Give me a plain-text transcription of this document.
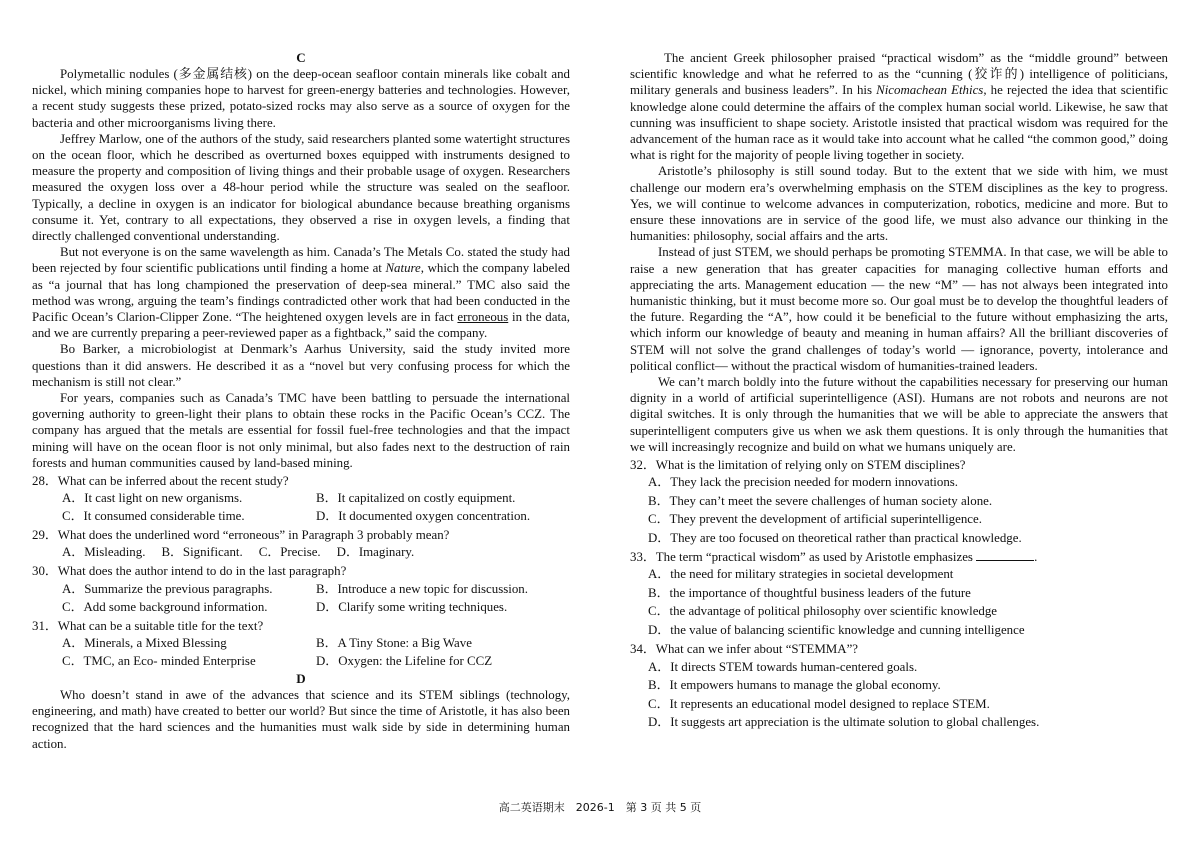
C

Polymetallic nodules (多金属结核) on the deep-ocean seafloor contain minerals like cobalt and nickel, which mining companies hope to harvest for green-energy batteries and technologies. However, a recent study suggests these prized, potato-sized rocks may also serve as a source of oxygen for the bacteria and other microorganisms living there.

Jeffrey Marlow, one of the authors of the study, said researchers planted some watertight structures on the ocean floor, which he described as overturned boxes equipped with instruments designed to measure the property and composition of living things and their probable usage of oxygen. Researchers measured the oxygen loss over a 48-hour period while the structure was sealed on the seafloor. Typically, a decline in oxygen is an indicator for biological abundance because breathing organisms consume it. Yet, contrary to all expectations, they observed a rise in oxygen levels, a finding that directly challenged conventional understanding.

But not everyone is on the same wavelength as him. Canada’s The Metals Co. stated the study had been rejected by four scientific publications until finding a home at Nature, which the company labeled as “a journal that has long championed the preservation of deep-sea mineral.” TMC also said the method was wrong, arguing the team’s findings contradicted other work that had been conducted in the Pacific Ocean’s Clarion-Clipper Zone. “The heightened oxygen levels are in fact erroneous in the data, and we are currently preparing a peer-reviewed paper as a fightback,” said the company.

Bo Barker, a microbiologist at Denmark’s Aarhus University, said the study invited more questions than it did answers. He described it as a “novel but very confusing process for which the mechanism is still not clear.”

For years, companies such as Canada’s TMC have been battling to persuade the international governing authority to green-light their plans to obtain these rocks in the Pacific Ocean’s CCZ. The company has argued that the metals are essential for fossil fuel-free technologies and that the impact mining will have on the ocean floor is not only minimal, but also fades next to the destruction of rain forests and human communities caused by land-based mining.

28．What can be inferred about the recent study?
A．It cast light on new organisms.	B．It capitalized on costly equipment.
C．It consumed considerable time.	D．It documented oxygen concentration.
29．What does the underlined word “erroneous” in Paragraph 3 probably mean?
A．Misleading. B．Significant. C．Precise. D．Imaginary.
30．What does the author intend to do in the last paragraph?
A．Summarize the previous paragraphs.	B．Introduce a new topic for discussion.
C．Add some background information.	D．Clarify some writing techniques.
31．What can be a suitable title for the text?
A．Minerals, a Mixed Blessing	B．A Tiny Stone: a Big Wave
C．TMC, an Eco- minded Enterprise	D．Oxygen: the Lifeline for CCZ
D

Who doesn’t stand in awe of the advances that science and its STEM siblings (technology, engineering, and math) have created to better our world? But since the time of Aristotle, it has also been recognized that the hard sciences and the humanities must walk side by side in determining human action.

The ancient Greek philosopher praised “practical wisdom” as the “middle ground” between scientific knowledge and what he referred to as the “cunning (狡诈的) intelligence of politicians, military generals and business leaders”. In his Nicomachean Ethics, he rejected the idea that scientific knowledge alone could determine the affairs of the complex human social world. Likewise, he saw that cunning was insufficient to shape society. Aristotle insisted that practical wisdom was required for the advancement of the human race as it would take into account what he called “the common good,” doing what is right for the majority of people living together in society.

Aristotle’s philosophy is still sound today. But to the extent that we side with him, we must challenge our modern era’s overwhelming emphasis on the STEM disciplines as the key to progress. Yes, we will continue to welcome advances in computerization, robotics, medicine and more. But to ensure these innovations are in service of the good life, we must also advance our thinking in the humanities: philosophy, social affairs and the arts.

Instead of just STEM, we should perhaps be promoting STEMMA. In that case, we will be able to raise a new generation that has greater capacities for managing collective human efforts and appreciating the arts. Management education — the new “M” — has not always been integrated into humanistic thinking, but it must become more so. Our goal must be to develop the thoughtful leaders of the future. Regarding the “A”, how could it be beneficial to the future without emphasizing the arts, which inform our knowledge of beauty and meaning in human affairs? All the brilliant discoveries of STEM will not solve the grand challenges of today’s world — ignorance, poverty, intolerance and political conflict— without the practical wisdom of humanities-trained leaders.

We can’t march boldly into the future without the capabilities necessary for preserving our human dignity in a world of artificial superintelligence (ASI). Humans are not robots and neurons are not digital switches. It is only through the humanities that we will be able to appreciate the answers that superintelligent computers give us when we ask them questions. It is only through the humanities that we will increasingly recognize and build on what we humans uniquely are.

32．What is the limitation of relying only on STEM disciplines?
A．They lack the precision needed for modern innovations.
B．They can’t meet the severe challenges of human society alone.
C．They prevent the development of artificial superintelligence.
D．They are too focused on theoretical rather than practical knowledge.
33．The term “practical wisdom” as used by Aristotle emphasizes	.
A．the need for military strategies in societal development
B．the importance of thoughtful business leaders of the future
C．the advantage of political philosophy over scientific knowledge
D．the value of balancing scientific knowledge and cunning intelligence
34．What can we infer about “STEMMA”?
A．It directs STEM towards human-centered goals.
B．It empowers humans to manage the global economy.
C．It represents an educational model designed to replace STEM.
D．It suggests art appreciation is the ultimate solution to global challenges.
高二英语期末　2026-1　第 3 页 共 5 页
